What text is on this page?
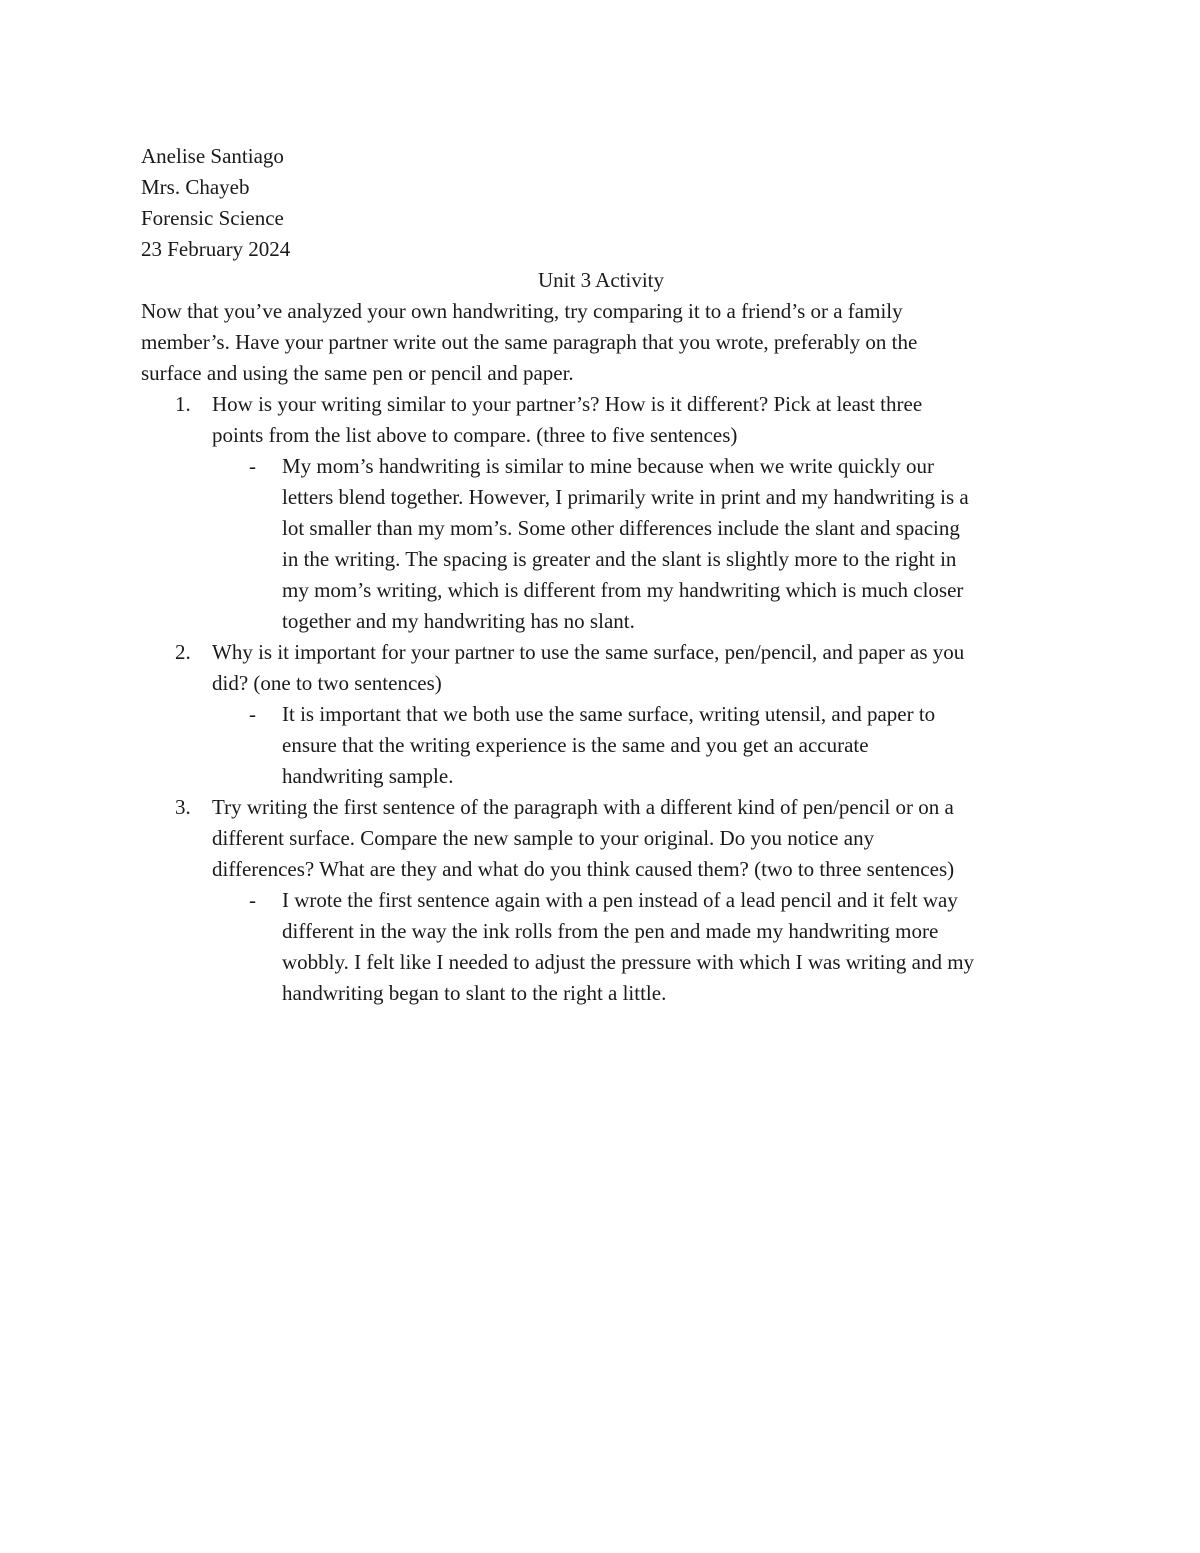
Anelise Santiago
Mrs. Chayeb
Forensic Science
23 February 2024
Unit 3 Activity
Now that you’ve analyzed your own handwriting, try comparing it to a friend’s or a family
member’s. Have your partner write out the same paragraph that you wrote, preferably on the
surface and using the same pen or pencil and paper.
1. How is your writing similar to your partner’s? How is it different? Pick at least three
points from the list above to compare. (three to five sentences)
- My mom’s handwriting is similar to mine because when we write quickly our
letters blend together. However, I primarily write in print and my handwriting is a
lot smaller than my mom’s. Some other differences include the slant and spacing
in the writing. The spacing is greater and the slant is slightly more to the right in
my mom’s writing, which is different from my handwriting which is much closer
together and my handwriting has no slant.
2. Why is it important for your partner to use the same surface, pen/pencil, and paper as you
did? (one to two sentences)
- It is important that we both use the same surface, writing utensil, and paper to
ensure that the writing experience is the same and you get an accurate
handwriting sample.
3. Try writing the first sentence of the paragraph with a different kind of pen/pencil or on a
different surface. Compare the new sample to your original. Do you notice any
differences? What are they and what do you think caused them? (two to three sentences)
- I wrote the first sentence again with a pen instead of a lead pencil and it felt way
different in the way the ink rolls from the pen and made my handwriting more
wobbly. I felt like I needed to adjust the pressure with which I was writing and my
handwriting began to slant to the right a little.
